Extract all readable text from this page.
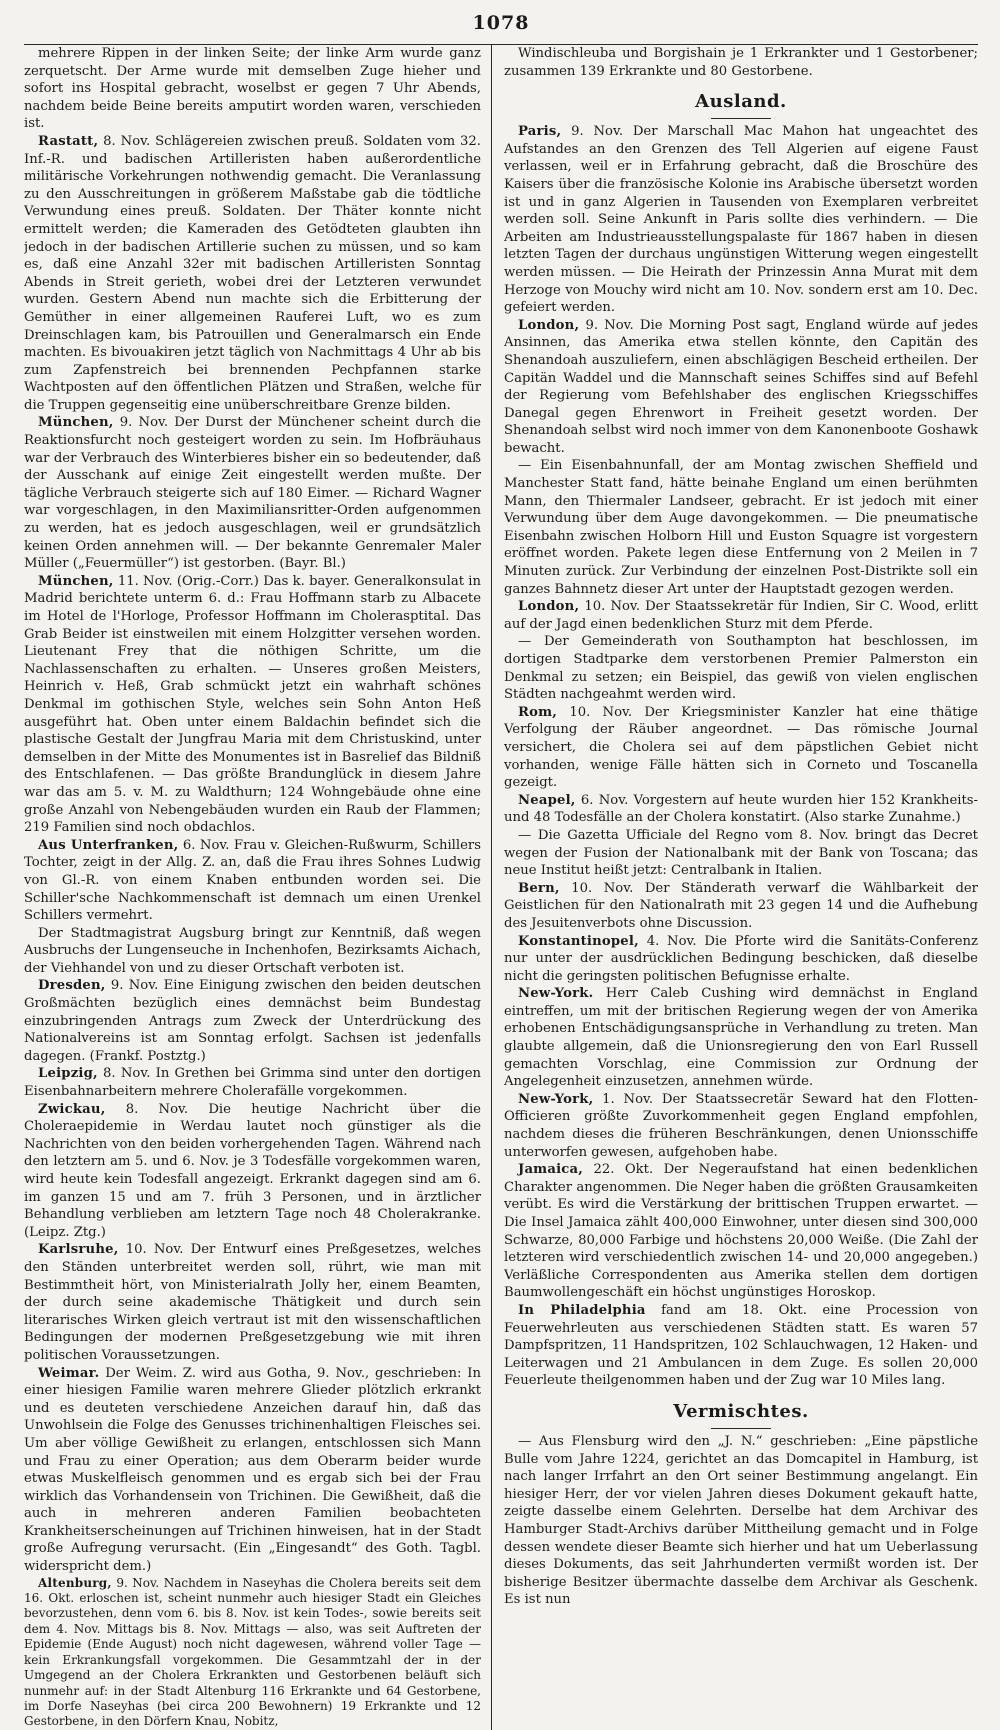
1078

mehrere Rippen in der linken Seite; der linke Arm wurde ganz zerquetscht. Der Arme wurde mit demselben Zuge hieher und sofort ins Hospital gebracht, woselbst er gegen 7 Uhr Abends, nachdem beide Beine bereits amputirt worden waren, verschieden ist.

Rastatt, 8. Nov. Schlägereien zwischen preuß. Soldaten vom 32. Inf.-R. und badischen Artilleristen haben außerordentliche militärische Vorkehrungen nothwendig gemacht. Die Veranlassung zu den Ausschreitungen in größerem Maßstabe gab die tödtliche Verwundung eines preuß. Soldaten. Der Thäter konnte nicht ermittelt werden; die Kameraden des Getödteten glaubten ihn jedoch in der badischen Artillerie suchen zu müssen, und so kam es, daß eine Anzahl 32er mit badischen Artilleristen Sonntag Abends in Streit gerieth, wobei drei der Letzteren verwundet wurden. Gestern Abend nun machte sich die Erbitterung der Gemüther in einer allgemeinen Rauferei Luft, wo es zum Dreinschlagen kam, bis Patrouillen und Generalmarsch ein Ende machten. Es bivouakiren jetzt täglich von Nachmittags 4 Uhr ab bis zum Zapfenstreich bei brennenden Pechpfannen starke Wachtposten auf den öffentlichen Plätzen und Straßen, welche für die Truppen gegenseitig eine unüberschreitbare Grenze bilden.

München, 9. Nov. Der Durst der Münchener scheint durch die Reaktionsfurcht noch gesteigert worden zu sein. Im Hofbräuhaus war der Verbrauch des Winterbieres bisher ein so bedeutender, daß der Ausschank auf einige Zeit eingestellt werden mußte. Der tägliche Verbrauch steigerte sich auf 180 Eimer. — Richard Wagner war vorgeschlagen, in den Maximiliansritter-Orden aufgenommen zu werden, hat es jedoch ausgeschlagen, weil er grundsätzlich keinen Orden annehmen will. — Der bekannte Genremaler Maler Müller („Feuermüller“) ist gestorben. (Bayr. Bl.)

München, 11. Nov. (Orig.-Corr.) Das k. bayer. Generalkonsulat in Madrid berichtete unterm 6. d.: Frau Hoffmann starb zu Albacete im Hotel de l'Horloge, Professor Hoffmann im Cholerasptital. Das Grab Beider ist einstweilen mit einem Holzgitter versehen worden. Lieutenant Frey that die nöthigen Schritte, um die Nachlassenschaften zu erhalten. — Unseres großen Meisters, Heinrich v. Heß, Grab schmückt jetzt ein wahrhaft schönes Denkmal im gothischen Style, welches sein Sohn Anton Heß ausgeführt hat. Oben unter einem Baldachin befindet sich die plastische Gestalt der Jungfrau Maria mit dem Christuskind, unter demselben in der Mitte des Monumentes ist in Basrelief das Bildniß des Entschlafenen. — Das größte Brandunglück in diesem Jahre war das am 5. v. M. zu Waldthurn; 124 Wohngebäude ohne eine große Anzahl von Nebengebäuden wurden ein Raub der Flammen; 219 Familien sind noch obdachlos.

Aus Unterfranken, 6. Nov. Frau v. Gleichen-Rußwurm, Schillers Tochter, zeigt in der Allg. Z. an, daß die Frau ihres Sohnes Ludwig von Gl.-R. von einem Knaben entbunden worden sei. Die Schiller'sche Nachkommenschaft ist demnach um einen Urenkel Schillers vermehrt.

Der Stadtmagistrat Augsburg bringt zur Kenntniß, daß wegen Ausbruchs der Lungenseuche in Inchenhofen, Bezirksamts Aichach, der Viehhandel von und zu dieser Ortschaft verboten ist.

Dresden, 9. Nov. Eine Einigung zwischen den beiden deutschen Großmächten bezüglich eines demnächst beim Bundestag einzubringenden Antrags zum Zweck der Unterdrückung des Nationalvereins ist am Sonntag erfolgt. Sachsen ist jedenfalls dagegen. (Frankf. Postztg.)

Leipzig, 8. Nov. In Grethen bei Grimma sind unter den dortigen Eisenbahnarbeitern mehrere Cholerafälle vorgekommen.

Zwickau, 8. Nov. Die heutige Nachricht über die Choleraepidemie in Werdau lautet noch günstiger als die Nachrichten von den beiden vorhergehenden Tagen. Während nach den letztern am 5. und 6. Nov. je 3 Todesfälle vorgekommen waren, wird heute kein Todesfall angezeigt. Erkrankt dagegen sind am 6. im ganzen 15 und am 7. früh 3 Personen, und in ärztlicher Behandlung verblieben am letztern Tage noch 48 Cholerakranke. (Leipz. Ztg.)

Karlsruhe, 10. Nov. Der Entwurf eines Preßgesetzes, welches den Ständen unterbreitet werden soll, rührt, wie man mit Bestimmtheit hört, von Ministerialrath Jolly her, einem Beamten, der durch seine akademische Thätigkeit und durch sein literarisches Wirken gleich vertraut ist mit den wissenschaftlichen Bedingungen der modernen Preßgesetzgebung wie mit ihren politischen Voraussetzungen.

Weimar. Der Weim. Z. wird aus Gotha, 9. Nov., geschrieben: In einer hiesigen Familie waren mehrere Glieder plötzlich erkrankt und es deuteten verschiedene Anzeichen darauf hin, daß das Unwohlsein die Folge des Genusses trichinenhaltigen Fleisches sei. Um aber völlige Gewißheit zu erlangen, entschlossen sich Mann und Frau zu einer Operation; aus dem Oberarm beider wurde etwas Muskelfleisch genommen und es ergab sich bei der Frau wirklich das Vorhandensein von Trichinen. Die Gewißheit, daß die auch in mehreren anderen Familien beobachteten Krankheitserscheinungen auf Trichinen hinweisen, hat in der Stadt große Aufregung verursacht. (Ein „Eingesandt“ des Goth. Tagbl. widerspricht dem.)

Altenburg, 9. Nov. Nachdem in Naseyhas die Cholera bereits seit dem 16. Okt. erloschen ist, scheint nunmehr auch hiesiger Stadt ein Gleiches bevorzustehen, denn vom 6. bis 8. Nov. ist kein Todes-, sowie bereits seit dem 4. Nov. Mittags bis 8. Nov. Mittags — also, was seit Auftreten der Epidemie (Ende August) noch nicht dagewesen, während voller Tage — kein Erkrankungsfall vorgekommen. Die Gesammtzahl der in der Umgegend an der Cholera Erkrankten und Gestorbenen beläuft sich nunmehr auf: in der Stadt Altenburg 116 Erkrankte und 64 Gestorbene, im Dorfe Naseyhas (bei circa 200 Bewohnern) 19 Erkrankte und 12 Gestorbene, in den Dörfern Knau, Nobitz,

Windischleuba und Borgishain je 1 Erkrankter und 1 Gestorbener; zusammen 139 Erkrankte und 80 Gestorbene.

Ausland.

Paris, 9. Nov. Der Marschall Mac Mahon hat ungeachtet des Aufstandes an den Grenzen des Tell Algerien auf eigene Faust verlassen, weil er in Erfahrung gebracht, daß die Broschüre des Kaisers über die französische Kolonie ins Arabische übersetzt worden ist und in ganz Algerien in Tausenden von Exemplaren verbreitet werden soll. Seine Ankunft in Paris sollte dies verhindern. — Die Arbeiten am Industrieausstellungspalaste für 1867 haben in diesen letzten Tagen der durchaus ungünstigen Witterung wegen eingestellt werden müssen. — Die Heirath der Prinzessin Anna Murat mit dem Herzoge von Mouchy wird nicht am 10. Nov. sondern erst am 10. Dec. gefeiert werden.

London, 9. Nov. Die Morning Post sagt, England würde auf jedes Ansinnen, das Amerika etwa stellen könnte, den Capitän des Shenandoah auszuliefern, einen abschlägigen Bescheid ertheilen. Der Capitän Waddel und die Mannschaft seines Schiffes sind auf Befehl der Regierung vom Befehlshaber des englischen Kriegsschiffes Danegal gegen Ehrenwort in Freiheit gesetzt worden. Der Shenandoah selbst wird noch immer von dem Kanonenboote Goshawk bewacht.

— Ein Eisenbahnunfall, der am Montag zwischen Sheffield und Manchester Statt fand, hätte beinahe England um einen berühmten Mann, den Thiermaler Landseer, gebracht. Er ist jedoch mit einer Verwundung über dem Auge davongekommen. — Die pneumatische Eisenbahn zwischen Holborn Hill und Euston Squagre ist vorgestern eröffnet worden. Pakete legen diese Entfernung von 2 Meilen in 7 Minuten zurück. Zur Verbindung der einzelnen Post-Distrikte soll ein ganzes Bahnnetz dieser Art unter der Hauptstadt gezogen werden.

London, 10. Nov. Der Staatssekretär für Indien, Sir C. Wood, erlitt auf der Jagd einen bedenklichen Sturz mit dem Pferde.

— Der Gemeinderath von Southampton hat beschlossen, im dortigen Stadtparke dem verstorbenen Premier Palmerston ein Denkmal zu setzen; ein Beispiel, das gewiß von vielen englischen Städten nachgeahmt werden wird.

Rom, 10. Nov. Der Kriegsminister Kanzler hat eine thätige Verfolgung der Räuber angeordnet. — Das römische Journal versichert, die Cholera sei auf dem päpstlichen Gebiet nicht vorhanden, wenige Fälle hätten sich in Corneto und Toscanella gezeigt.

Neapel, 6. Nov. Vorgestern auf heute wurden hier 152 Krankheits- und 48 Todesfälle an der Cholera konstatirt. (Also starke Zunahme.)

— Die Gazetta Ufficiale del Regno vom 8. Nov. bringt das Decret wegen der Fusion der Nationalbank mit der Bank von Toscana; das neue Institut heißt jetzt: Centralbank in Italien.

Bern, 10. Nov. Der Ständerath verwarf die Wählbarkeit der Geistlichen für den Nationalrath mit 23 gegen 14 und die Aufhebung des Jesuitenverbots ohne Discussion.

Konstantinopel, 4. Nov. Die Pforte wird die Sanitäts-Conferenz nur unter der ausdrücklichen Bedingung beschicken, daß dieselbe nicht die geringsten politischen Befugnisse erhalte.

New-York. Herr Caleb Cushing wird demnächst in England eintreffen, um mit der britischen Regierung wegen der von Amerika erhobenen Entschädigungsansprüche in Verhandlung zu treten. Man glaubte allgemein, daß die Unionsregierung den von Earl Russell gemachten Vorschlag, eine Commission zur Ordnung der Angelegenheit einzusetzen, annehmen würde.

New-York, 1. Nov. Der Staatssecretär Seward hat den Flotten-Officieren größte Zuvorkommenheit gegen England empfohlen, nachdem dieses die früheren Beschränkungen, denen Unionsschiffe unterworfen gewesen, aufgehoben habe.

Jamaica, 22. Okt. Der Negeraufstand hat einen bedenklichen Charakter angenommen. Die Neger haben die größten Grausamkeiten verübt. Es wird die Verstärkung der brittischen Truppen erwartet. — Die Insel Jamaica zählt 400,000 Einwohner, unter diesen sind 300,000 Schwarze, 80,000 Farbige und höchstens 20,000 Weiße. (Die Zahl der letzteren wird verschiedentlich zwischen 14- und 20,000 angegeben.) Verläßliche Correspondenten aus Amerika stellen dem dortigen Baumwollengeschäft ein höchst ungünstiges Horoskop.

In Philadelphia fand am 18. Okt. eine Procession von Feuerwehrleuten aus verschiedenen Städten statt. Es waren 57 Dampfspritzen, 11 Handspritzen, 102 Schlauchwagen, 12 Haken- und Leiterwagen und 21 Ambulancen in dem Zuge. Es sollen 20,000 Feuerleute theilgenommen haben und der Zug war 10 Miles lang.

Vermischtes.

— Aus Flensburg wird den „J. N.“ geschrieben: „Eine päpstliche Bulle vom Jahre 1224, gerichtet an das Domcapitel in Hamburg, ist nach langer Irrfahrt an den Ort seiner Bestimmung angelangt. Ein hiesiger Herr, der vor vielen Jahren dieses Dokument gekauft hatte, zeigte dasselbe einem Gelehrten. Derselbe hat dem Archivar des Hamburger Stadt-Archivs darüber Mittheilung gemacht und in Folge dessen wendete dieser Beamte sich hierher und hat um Ueberlassung dieses Dokuments, das seit Jahrhunderten vermißt worden ist. Der bisherige Besitzer übermachte dasselbe dem Archivar als Geschenk. Es ist nun
